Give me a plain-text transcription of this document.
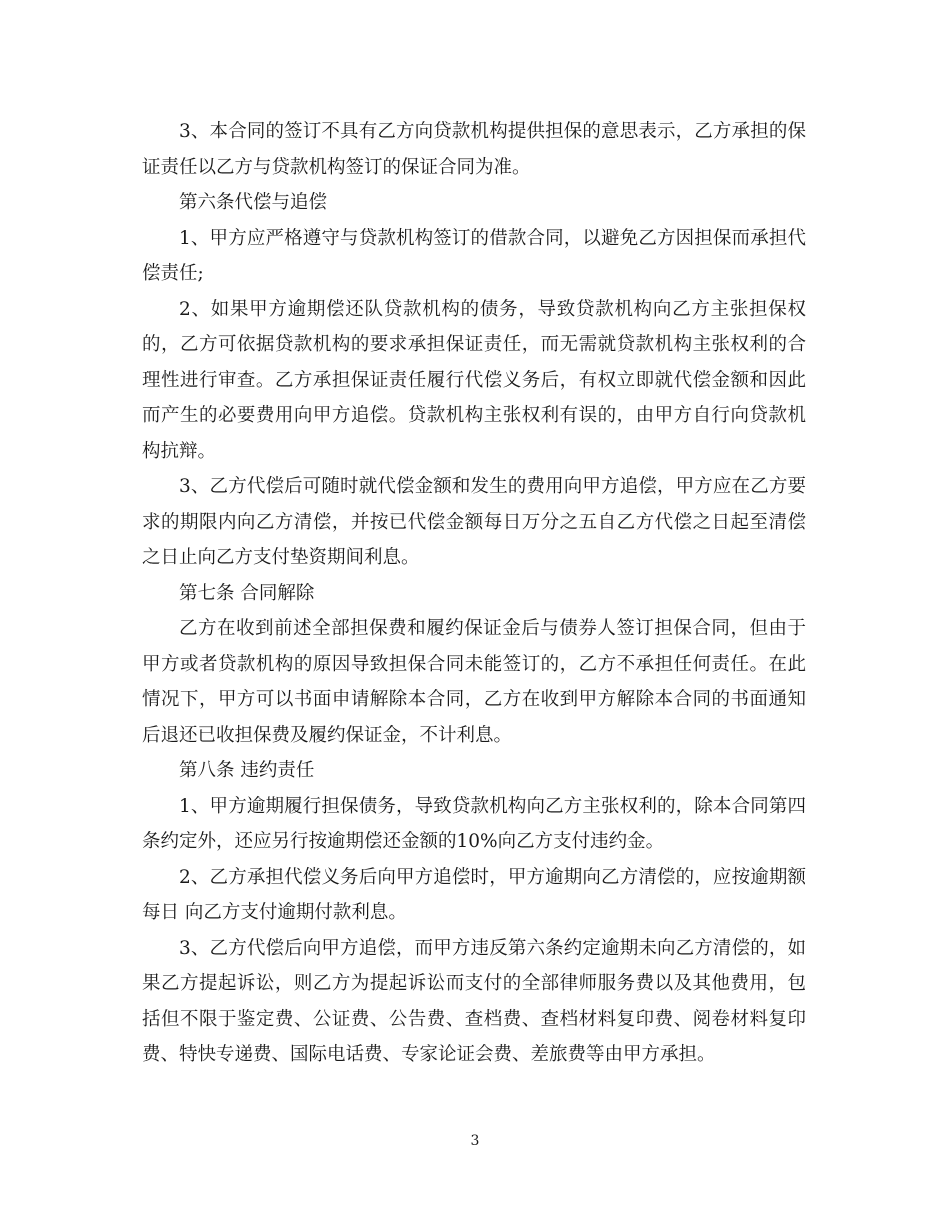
3、本合同的签订不具有乙方向贷款机构提供担保的意思表示，乙方承担的保证责任以乙方与贷款机构签订的保证合同为准。

第六条代偿与追偿

1、甲方应严格遵守与贷款机构签订的借款合同，以避免乙方因担保而承担代偿责任;

2、如果甲方逾期偿还队贷款机构的债务，导致贷款机构向乙方主张担保权的，乙方可依据贷款机构的要求承担保证责任，而无需就贷款机构主张权利的合理性进行审查。乙方承担保证责任履行代偿义务后，有权立即就代偿金额和因此而产生的必要费用向甲方追偿。贷款机构主张权利有误的，由甲方自行向贷款机构抗辩。

3、乙方代偿后可随时就代偿金额和发生的费用向甲方追偿，甲方应在乙方要求的期限内向乙方清偿，并按已代偿金额每日万分之五自乙方代偿之日起至清偿之日止向乙方支付垫资期间利息。

第七条 合同解除

乙方在收到前述全部担保费和履约保证金后与债券人签订担保合同，但由于甲方或者贷款机构的原因导致担保合同未能签订的，乙方不承担任何责任。在此情况下，甲方可以书面申请解除本合同，乙方在收到甲方解除本合同的书面通知后退还已收担保费及履约保证金，不计利息。

第八条 违约责任

1、甲方逾期履行担保债务，导致贷款机构向乙方主张权利的，除本合同第四条约定外，还应另行按逾期偿还金额的10%向乙方支付违约金。

2、乙方承担代偿义务后向甲方追偿时，甲方逾期向乙方清偿的，应按逾期额每日 向乙方支付逾期付款利息。

3、乙方代偿后向甲方追偿，而甲方违反第六条约定逾期未向乙方清偿的，如果乙方提起诉讼，则乙方为提起诉讼而支付的全部律师服务费以及其他费用，包括但不限于鉴定费、公证费、公告费、查档费、查档材料复印费、阅卷材料复印费、特快专递费、国际电话费、专家论证会费、差旅费等由甲方承担。

3
